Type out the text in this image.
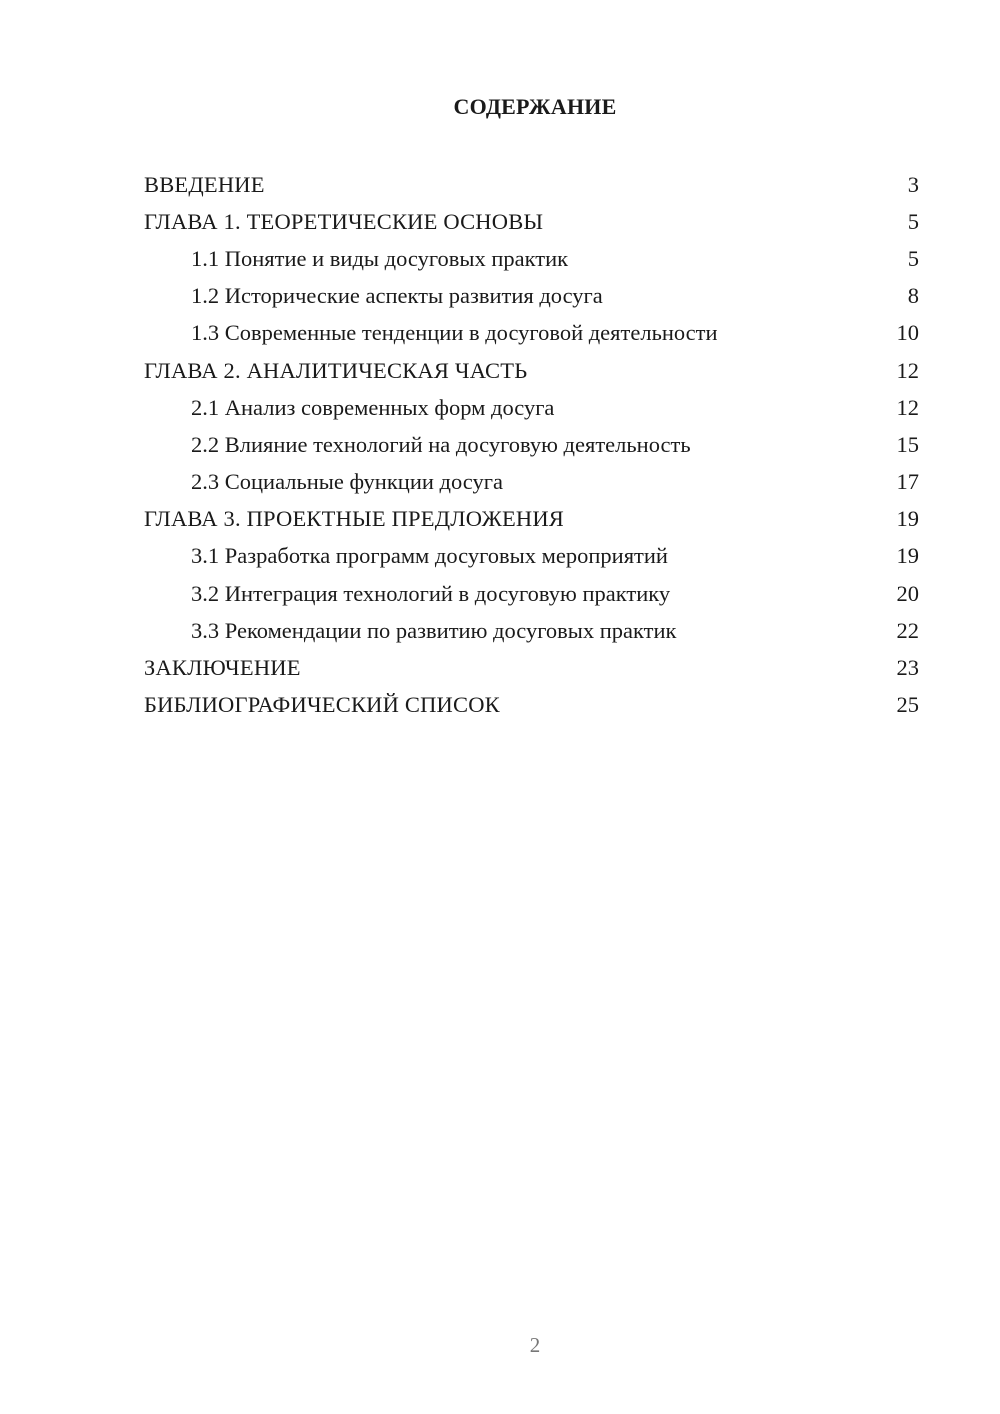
СОДЕРЖАНИЕ
ВВЕДЕНИЕ	3
ГЛАВА 1. ТЕОРЕТИЧЕСКИЕ ОСНОВЫ	5
1.1 Понятие и виды досуговых практик	5
1.2 Исторические аспекты развития досуга	8
1.3 Современные тенденции в досуговой деятельности	10
ГЛАВА 2. АНАЛИТИЧЕСКАЯ ЧАСТЬ	12
2.1 Анализ современных форм досуга	12
2.2 Влияние технологий на досуговую деятельность	15
2.3 Социальные функции досуга	17
ГЛАВА 3. ПРОЕКТНЫЕ ПРЕДЛОЖЕНИЯ	19
3.1 Разработка программ досуговых мероприятий	19
3.2 Интеграция технологий в досуговую практику	20
3.3 Рекомендации по развитию досуговых практик	22
ЗАКЛЮЧЕНИЕ	23
БИБЛИОГРАФИЧЕСКИЙ СПИСОК	25
2
